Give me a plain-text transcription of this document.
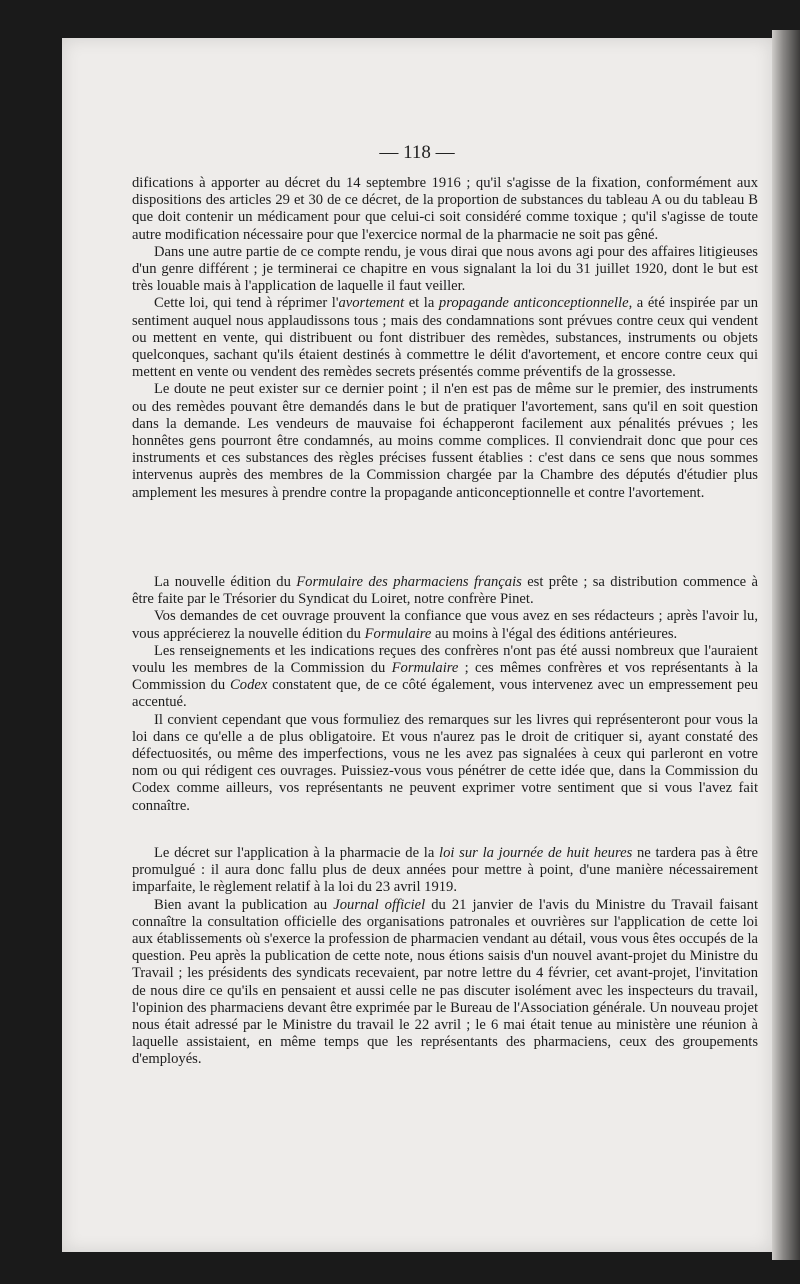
— 118 —

difications à apporter au décret du 14 septembre 1916 ; qu'il s'agisse de la fixation, conformément aux dispositions des articles 29 et 30 de ce décret, de la proportion de substances du tableau A ou du tableau B que doit contenir un médicament pour que celui-ci soit considéré comme toxique ; qu'il s'agisse de toute autre modification nécessaire pour que l'exercice normal de la pharmacie ne soit pas gêné.

Dans une autre partie de ce compte rendu, je vous dirai que nous avons agi pour des affaires litigieuses d'un genre différent ; je terminerai ce chapitre en vous signalant la loi du 31 juillet 1920, dont le but est très louable mais à l'application de laquelle il faut veiller.

Cette loi, qui tend à réprimer l'avortement et la propagande anticonceptionnelle, a été inspirée par un sentiment auquel nous applaudissons tous ; mais des condamnations sont prévues contre ceux qui vendent ou mettent en vente, qui distribuent ou font distribuer des remèdes, substances, instruments ou objets quelconques, sachant qu'ils étaient destinés à commettre le délit d'avortement, et encore contre ceux qui mettent en vente ou vendent des remèdes secrets présentés comme préventifs de la grossesse.

Le doute ne peut exister sur ce dernier point ; il n'en est pas de même sur le premier, des instruments ou des remèdes pouvant être demandés dans le but de pratiquer l'avortement, sans qu'il en soit question dans la demande. Les vendeurs de mauvaise foi échapperont facilement aux pénalités prévues ; les honnêtes gens pourront être condamnés, au moins comme complices. Il conviendrait donc que pour ces instruments et ces substances des règles précises fussent établies : c'est dans ce sens que nous sommes intervenus auprès des membres de la Commission chargée par la Chambre des députés d'étudier plus amplement les mesures à prendre contre la propagande anticonceptionnelle et contre l'avortement.

La nouvelle édition du Formulaire des pharmaciens français est prête ; sa distribution commence à être faite par le Trésorier du Syndicat du Loiret, notre confrère Pinet.

Vos demandes de cet ouvrage prouvent la confiance que vous avez en ses rédacteurs ; après l'avoir lu, vous apprécierez la nouvelle édition du Formulaire au moins à l'égal des éditions antérieures.

Les renseignements et les indications reçues des confrères n'ont pas été aussi nombreux que l'auraient voulu les membres de la Commission du Formulaire ; ces mêmes confrères et vos représentants à la Commission du Codex constatent que, de ce côté également, vous intervenez avec un empressement peu accentué.

Il convient cependant que vous formuliez des remarques sur les livres qui représenteront pour vous la loi dans ce qu'elle a de plus obligatoire. Et vous n'aurez pas le droit de critiquer si, ayant constaté des défectuosités, ou même des imperfections, vous ne les avez pas signalées à ceux qui parleront en votre nom ou qui rédigent ces ouvrages. Puissiez-vous vous pénétrer de cette idée que, dans la Commission du Codex comme ailleurs, vos représentants ne peuvent exprimer votre sentiment que si vous l'avez fait connaître.

Le décret sur l'application à la pharmacie de la loi sur la journée de huit heures ne tardera pas à être promulgué : il aura donc fallu plus de deux années pour mettre à point, d'une manière nécessairement imparfaite, le règlement relatif à la loi du 23 avril 1919.

Bien avant la publication au Journal officiel du 21 janvier de l'avis du Ministre du Travail faisant connaître la consultation officielle des organisations patronales et ouvrières sur l'application de cette loi aux établissements où s'exerce la profession de pharmacien vendant au détail, vous vous êtes occupés de la question. Peu après la publication de cette note, nous étions saisis d'un nouvel avant-projet du Ministre du Travail ; les présidents des syndicats recevaient, par notre lettre du 4 février, cet avant-projet, l'invitation de nous dire ce qu'ils en pensaient et aussi celle ne pas discuter isolément avec les inspecteurs du travail, l'opinion des pharmaciens devant être exprimée par le Bureau de l'Association générale. Un nouveau projet nous était adressé par le Ministre du travail le 22 avril ; le 6 mai était tenue au ministère une réunion à laquelle assistaient, en même temps que les représentants des pharmaciens, ceux des groupements d'employés.
